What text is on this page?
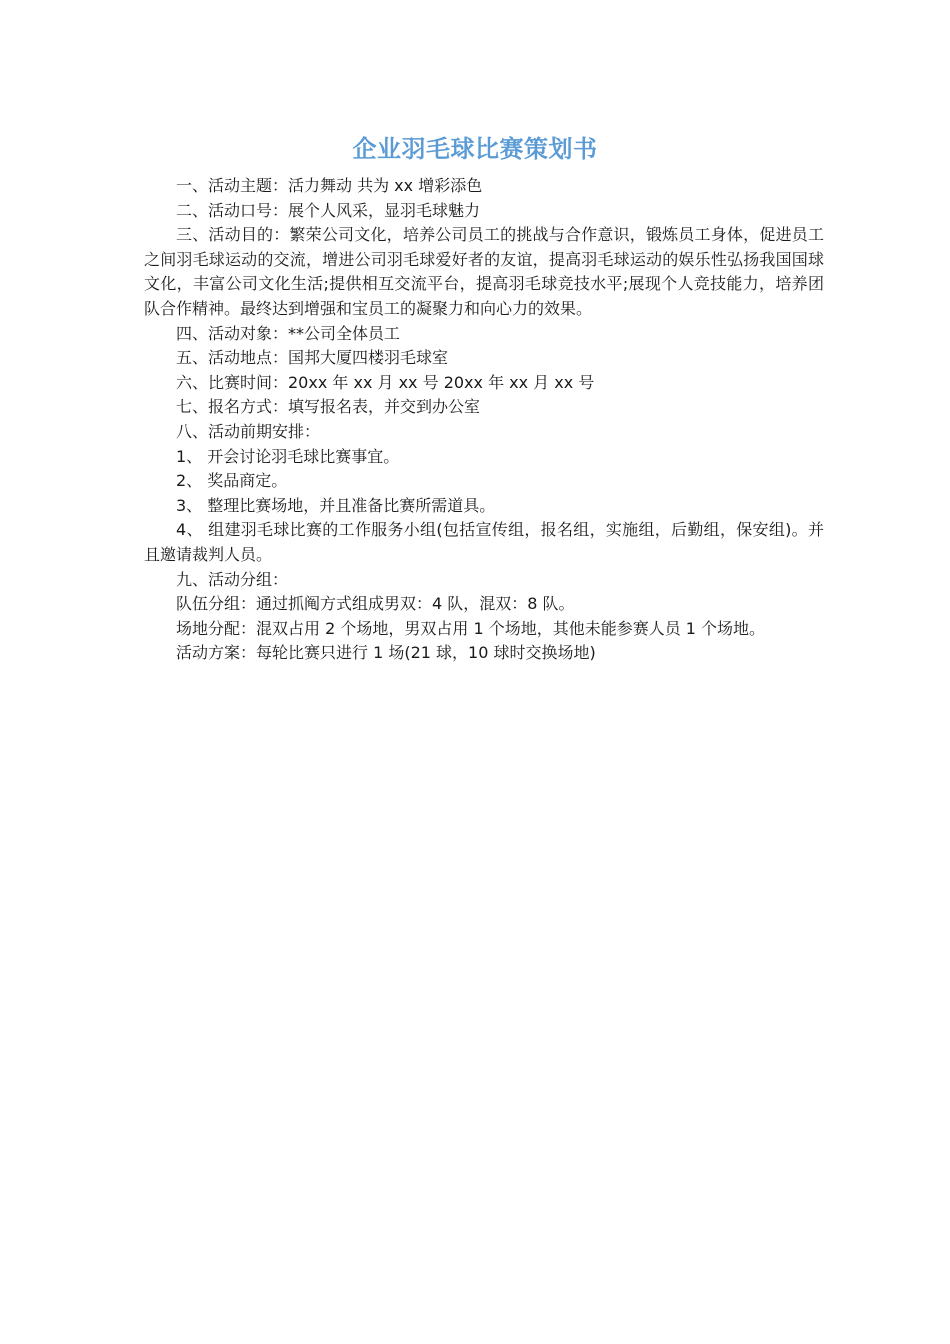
企业羽毛球比赛策划书

一、活动主题：活力舞动 共为 xx 增彩添色

二、活动口号：展个人风采，显羽毛球魅力

三、活动目的：繁荣公司文化，培养公司员工的挑战与合作意识，锻炼员工身体，促进员工之间羽毛球运动的交流，增进公司羽毛球爱好者的友谊，提高羽毛球运动的娱乐性弘扬我国国球文化，丰富公司文化生活;提供相互交流平台，提高羽毛球竞技水平;展现个人竞技能力，培养团队合作精神。最终达到增强和宝员工的凝聚力和向心力的效果。

四、活动对象：**公司全体员工

五、活动地点：国邦大厦四楼羽毛球室

六、比赛时间：20xx 年 xx 月 xx 号 20xx 年 xx 月 xx 号

七、报名方式：填写报名表，并交到办公室

八、活动前期安排：

1、 开会讨论羽毛球比赛事宜。

2、 奖品商定。

3、 整理比赛场地，并且准备比赛所需道具。

4、 组建羽毛球比赛的工作服务小组(包括宣传组，报名组，实施组，后勤组，保安组)。并且邀请裁判人员。

九、活动分组：

队伍分组：通过抓阄方式组成男双：4 队，混双：8 队。

场地分配：混双占用 2 个场地，男双占用 1 个场地，其他未能参赛人员 1 个场地。

活动方案：每轮比赛只进行 1 场(21 球，10 球时交换场地)
